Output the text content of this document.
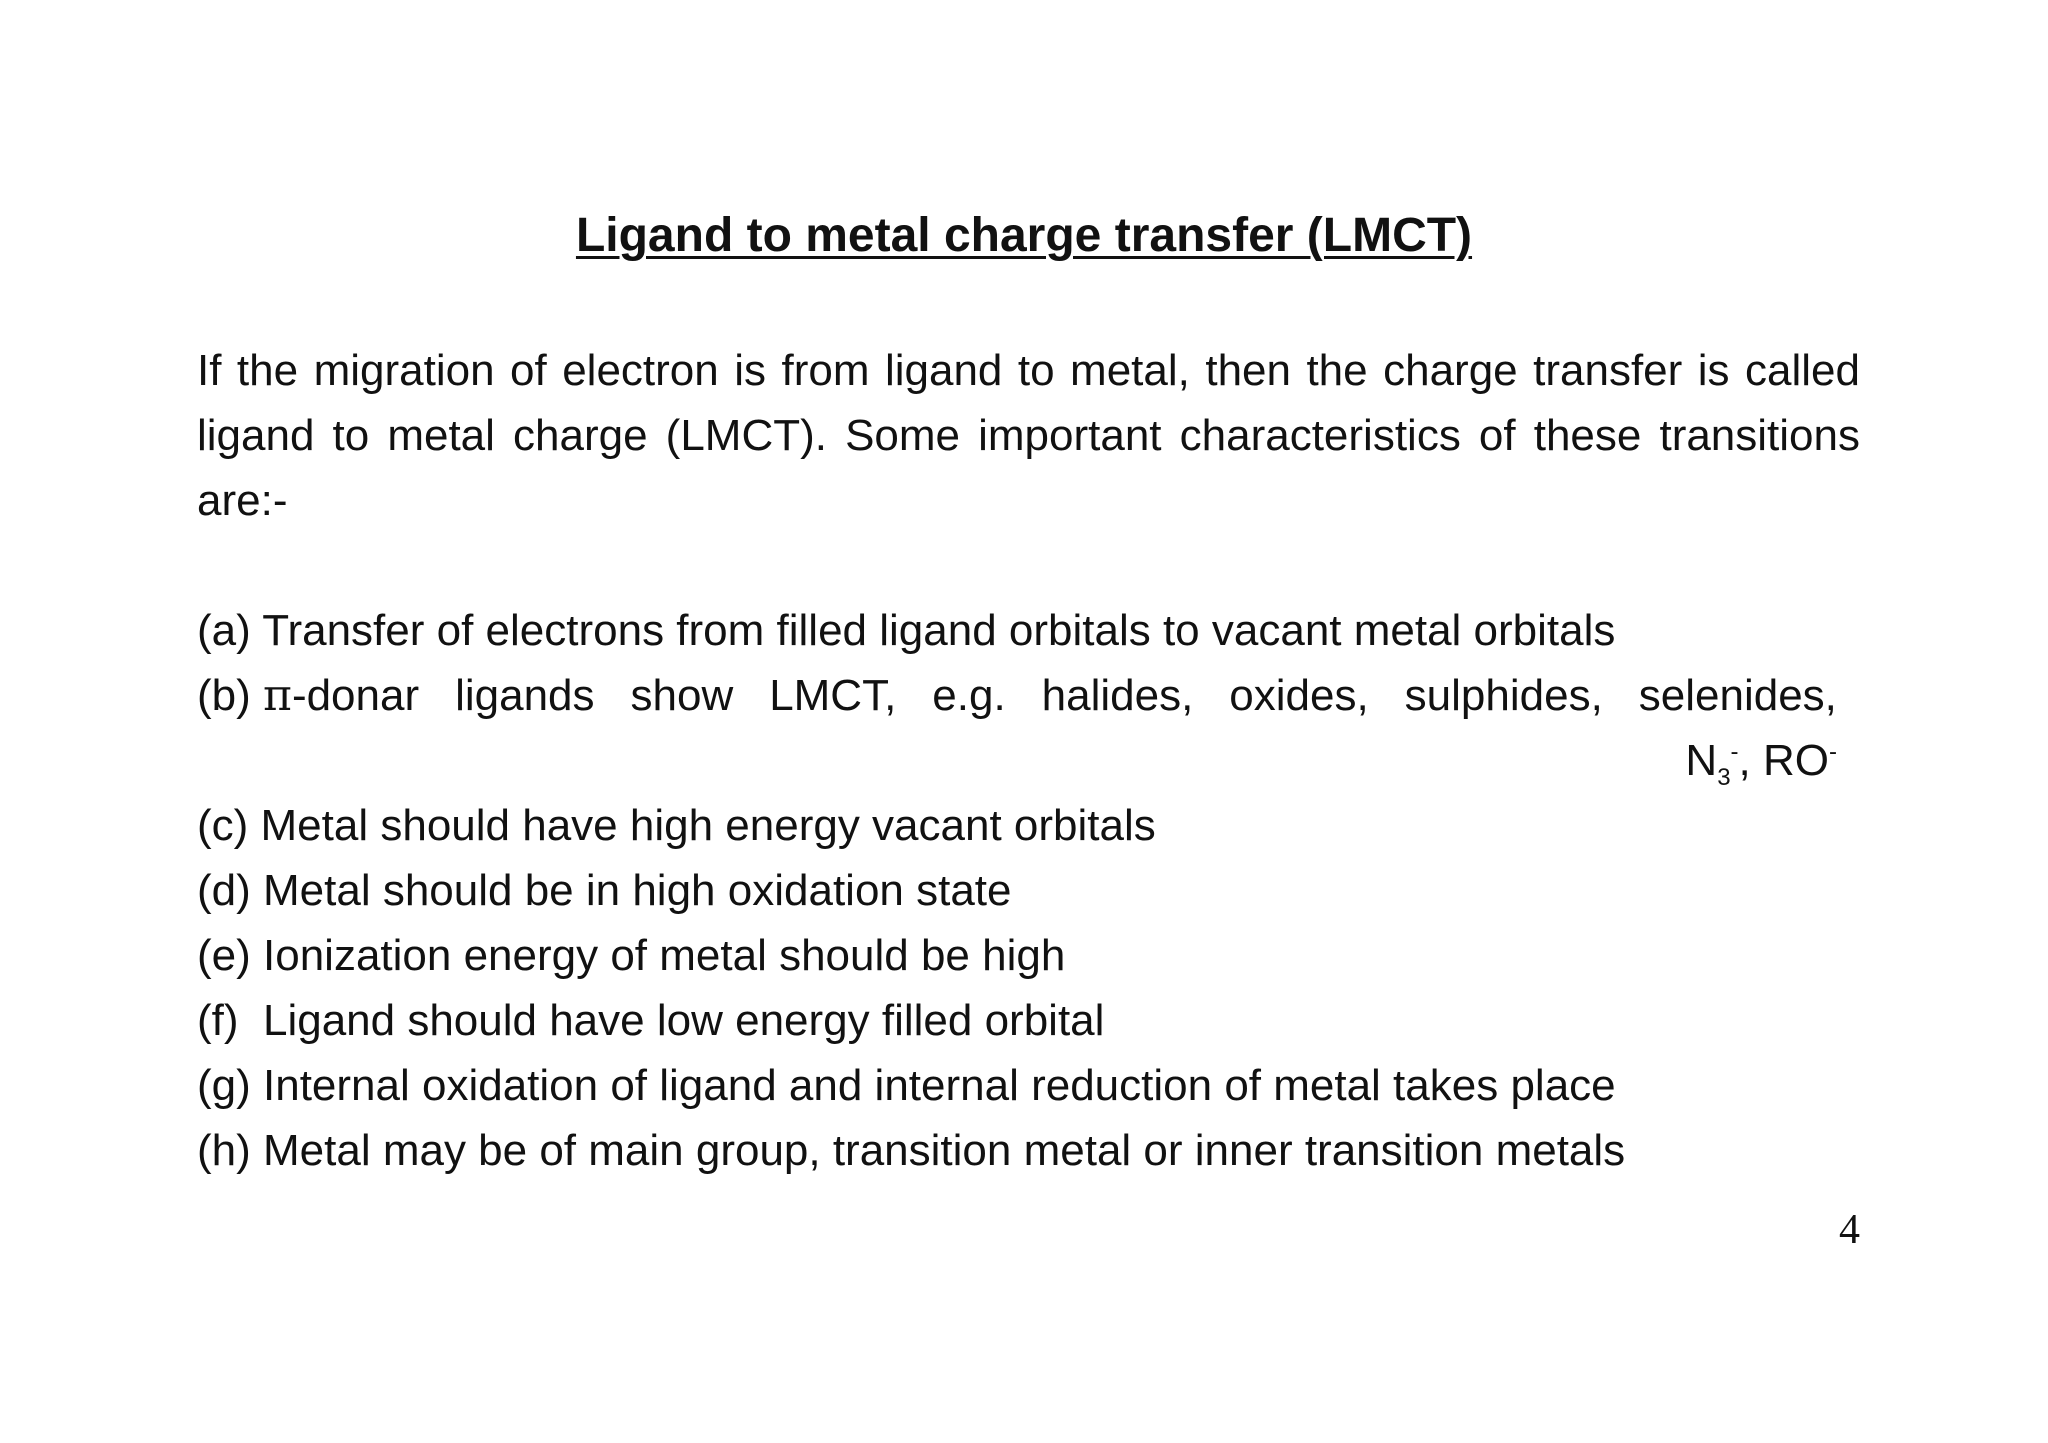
Ligand to metal charge transfer (LMCT)
If the migration of electron is from ligand to metal, then the charge transfer is called ligand to metal charge (LMCT). Some important characteristics of these transitions are:-
(a) Transfer of electrons from filled ligand orbitals to vacant metal orbitals
(b) π-donar ligands show LMCT, e.g. halides, oxides, sulphides, selenides,
$N_3^-$, RO-
(c) Metal should have high energy vacant orbitals
(d) Metal should be in high oxidation state
(e) Ionization energy of metal should be high
(f)  Ligand should have low energy filled orbital
(g) Internal oxidation of ligand and internal reduction of metal takes place
(h) Metal may be of main group, transition metal or inner transition metals
4
